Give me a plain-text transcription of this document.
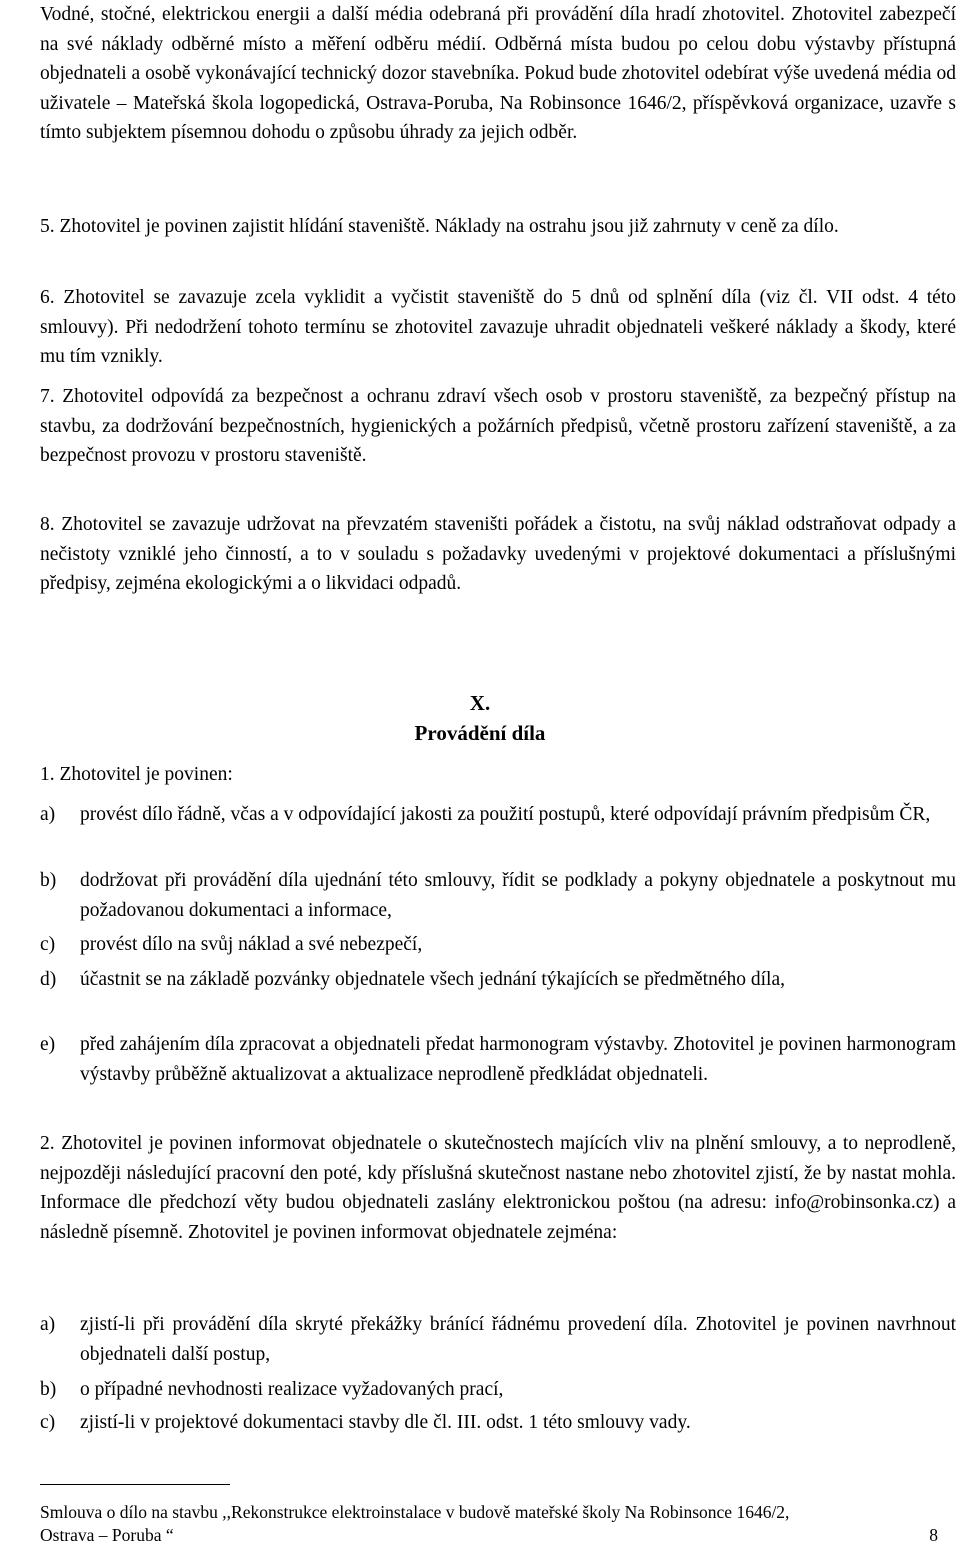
Vodné, stočné, elektrickou energii a další média odebraná při provádění díla hradí zhotovitel. Zhotovitel zabezpečí na své náklady odběrné místo a měření odběru médií. Odběrná místa budou po celou dobu výstavby přístupná objednateli a osobě vykonávající technický dozor stavebníka. Pokud bude zhotovitel odebírat výše uvedená média od uživatele – Mateřská škola logopedická, Ostrava-Poruba, Na Robinsonce 1646/2, příspěvková organizace, uzavře s tímto subjektem písemnou dohodu o způsobu úhrady za jejich odběr.
5. Zhotovitel je povinen zajistit hlídání staveniště. Náklady na ostrahu jsou již zahrnuty v ceně za dílo.
6. Zhotovitel se zavazuje zcela vyklidit a vyčistit staveniště do 5 dnů od splnění díla (viz čl. VII odst. 4 této smlouvy). Při nedodržení tohoto termínu se zhotovitel zavazuje uhradit objednateli veškeré náklady a škody, které mu tím vznikly.
7. Zhotovitel odpovídá za bezpečnost a ochranu zdraví všech osob v prostoru staveniště, za bezpečný přístup na stavbu, za dodržování bezpečnostních, hygienických a požárních předpisů, včetně prostoru zařízení staveniště, a za bezpečnost provozu v prostoru staveniště.
8. Zhotovitel se zavazuje udržovat na převzatém staveništi pořádek a čistotu, na svůj náklad odstraňovat odpady a nečistoty vzniklé jeho činností, a to v souladu s požadavky uvedenými v projektové dokumentaci a příslušnými předpisy, zejména ekologickými a o likvidaci odpadů.
X.
Provádění díla
1. Zhotovitel je povinen:
a) provést dílo řádně, včas a v odpovídající jakosti za použití postupů, které odpovídají právním předpisům ČR,
b) dodržovat při provádění díla ujednání této smlouvy, řídit se podklady a pokyny objednatele a poskytnout mu požadovanou dokumentaci a informace,
c) provést dílo na svůj náklad a své nebezpečí,
d) účastnit se na základě pozvánky objednatele všech jednání týkajících se předmětného díla,
e) před zahájením díla zpracovat a objednateli předat harmonogram výstavby. Zhotovitel je povinen harmonogram výstavby průběžně aktualizovat a aktualizace neprodleně předkládat objednateli.
2. Zhotovitel je povinen informovat objednatele o skutečnostech majících vliv na plnění smlouvy, a to neprodleně, nejpozději následující pracovní den poté, kdy příslušná skutečnost nastane nebo zhotovitel zjistí, že by nastat mohla. Informace dle předchozí věty budou objednateli zaslány elektronickou poštou (na adresu: info@robinsonka.cz) a následně písemně. Zhotovitel je povinen informovat objednatele zejména:
a) zjistí-li při provádění díla skryté překážky bránící řádnému provedení díla. Zhotovitel je povinen navrhnout objednateli další postup,
b) o případné nevhodnosti realizace vyžadovaných prací,
c) zjistí-li v projektové dokumentaci stavby dle čl. III. odst. 1 této smlouvy vady.
Smlouva o dílo na stavbu ,,Rekonstrukce elektroinstalace v budově mateřské školy Na Robinsonce 1646/2,
Ostrava – Poruba “	8
